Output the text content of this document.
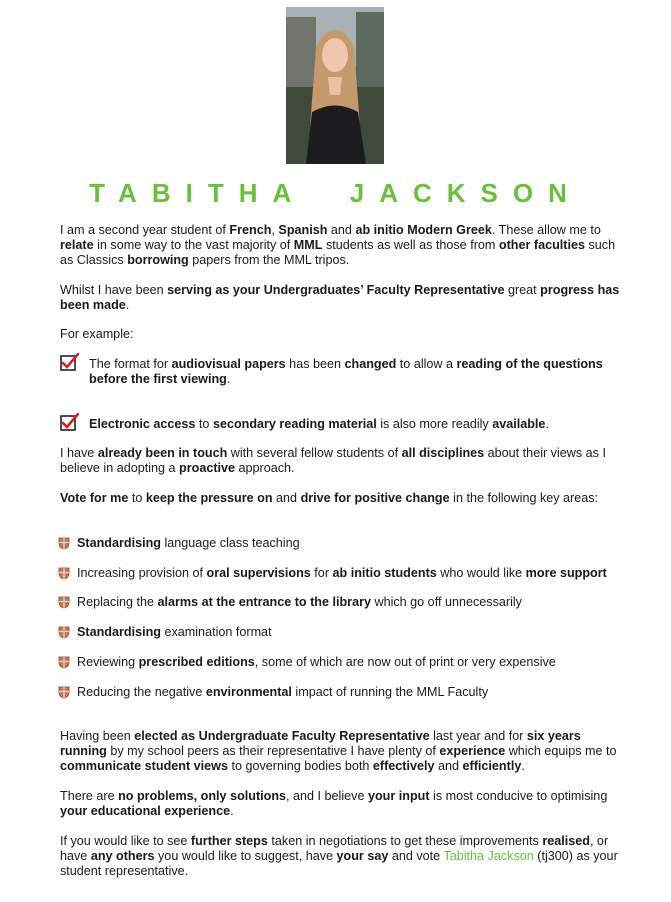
TABITHA  JACKSON

I am a second year student of French, Spanish and ab initio Modern Greek. These allow me to relate in some way to the vast majority of MML students as well as those from other faculties such as Classics borrowing papers from the MML tripos.

Whilst I have been serving as your Undergraduates’ Faculty Representative great progress has been made.

For example:

The format for audiovisual papers has been changed to allow a reading of the questions before the first viewing.

Electronic access to secondary reading material is also more readily available.

I have already been in touch with several fellow students of all disciplines about their views as I believe in adopting a proactive approach.

Vote for me to keep the pressure on and drive for positive change in the following key areas:

Standardising language class teaching

Increasing provision of oral supervisions for ab initio students who would like more support

Replacing the alarms at the entrance to the library which go off unnecessarily

Standardising examination format

Reviewing prescribed editions, some of which are now out of print or very expensive

Reducing the negative environmental impact of running the MML Faculty

Having been elected as Undergraduate Faculty Representative last year and for six years running by my school peers as their representative I have plenty of experience which equips me to communicate student views to governing bodies both effectively and efficiently.

There are no problems, only solutions, and I believe your input is most conducive to optimising your educational experience.

If you would like to see further steps taken in negotiations to get these improvements realised, or have any others you would like to suggest, have your say and vote Tabitha Jackson (tj300) as your student representative.
